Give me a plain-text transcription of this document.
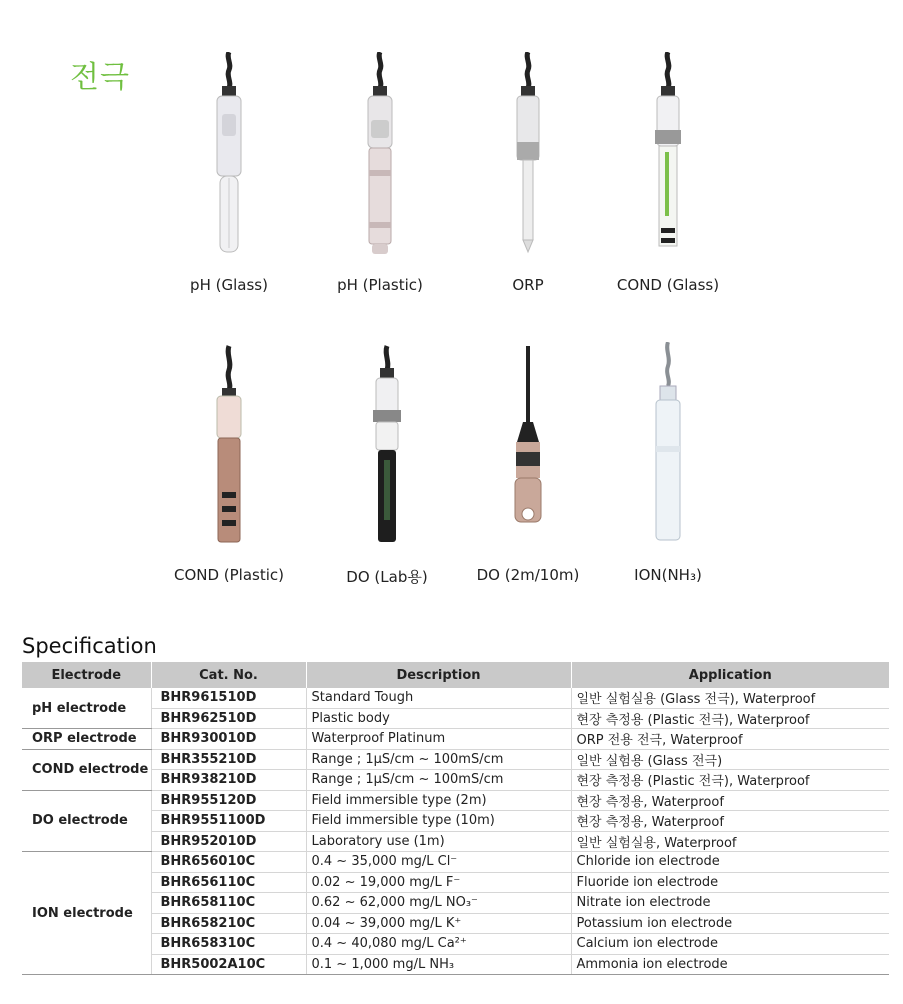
전극
pH (Glass)	pH (Plastic)	ORP	COND (Glass)
COND (Plastic)	DO (Lab용)	DO (2m/10m)	ION(NH₃)
Specification
Electrode	Cat. No.	Description	Application
pH electrode	BHR961510D	Standard Tough	일반 실험실용 (Glass 전극), Waterproof
	BHR962510D	Plastic body	현장 측정용 (Plastic 전극), Waterproof
ORP electrode	BHR930010D	Waterproof Platinum	ORP 전용 전극, Waterproof
COND electrode	BHR355210D	Range ; 1μS/cm ~ 100mS/cm	일반 실험용 (Glass 전극)
	BHR938210D	Range ; 1μS/cm ~ 100mS/cm	현장 측정용 (Plastic 전극), Waterproof
DO electrode	BHR955120D	Field immersible type (2m)	현장 측정용, Waterproof
	BHR9551100D	Field immersible type (10m)	현장 측정용, Waterproof
	BHR952010D	Laboratory use (1m)	일반 실험실용, Waterproof
ION electrode	BHR656010C	0.4 ~ 35,000 mg/L Cl⁻	Chloride ion electrode
	BHR656110C	0.02 ~ 19,000 mg/L F⁻	Fluoride ion electrode
	BHR658110C	0.62 ~ 62,000 mg/L NO₃⁻	Nitrate ion electrode
	BHR658210C	0.04 ~ 39,000 mg/L K⁺	Potassium ion electrode
	BHR658310C	0.4 ~ 40,080 mg/L Ca²⁺	Calcium ion electrode
	BHR5002A10C	0.1 ~ 1,000 mg/L NH₃	Ammonia ion electrode
